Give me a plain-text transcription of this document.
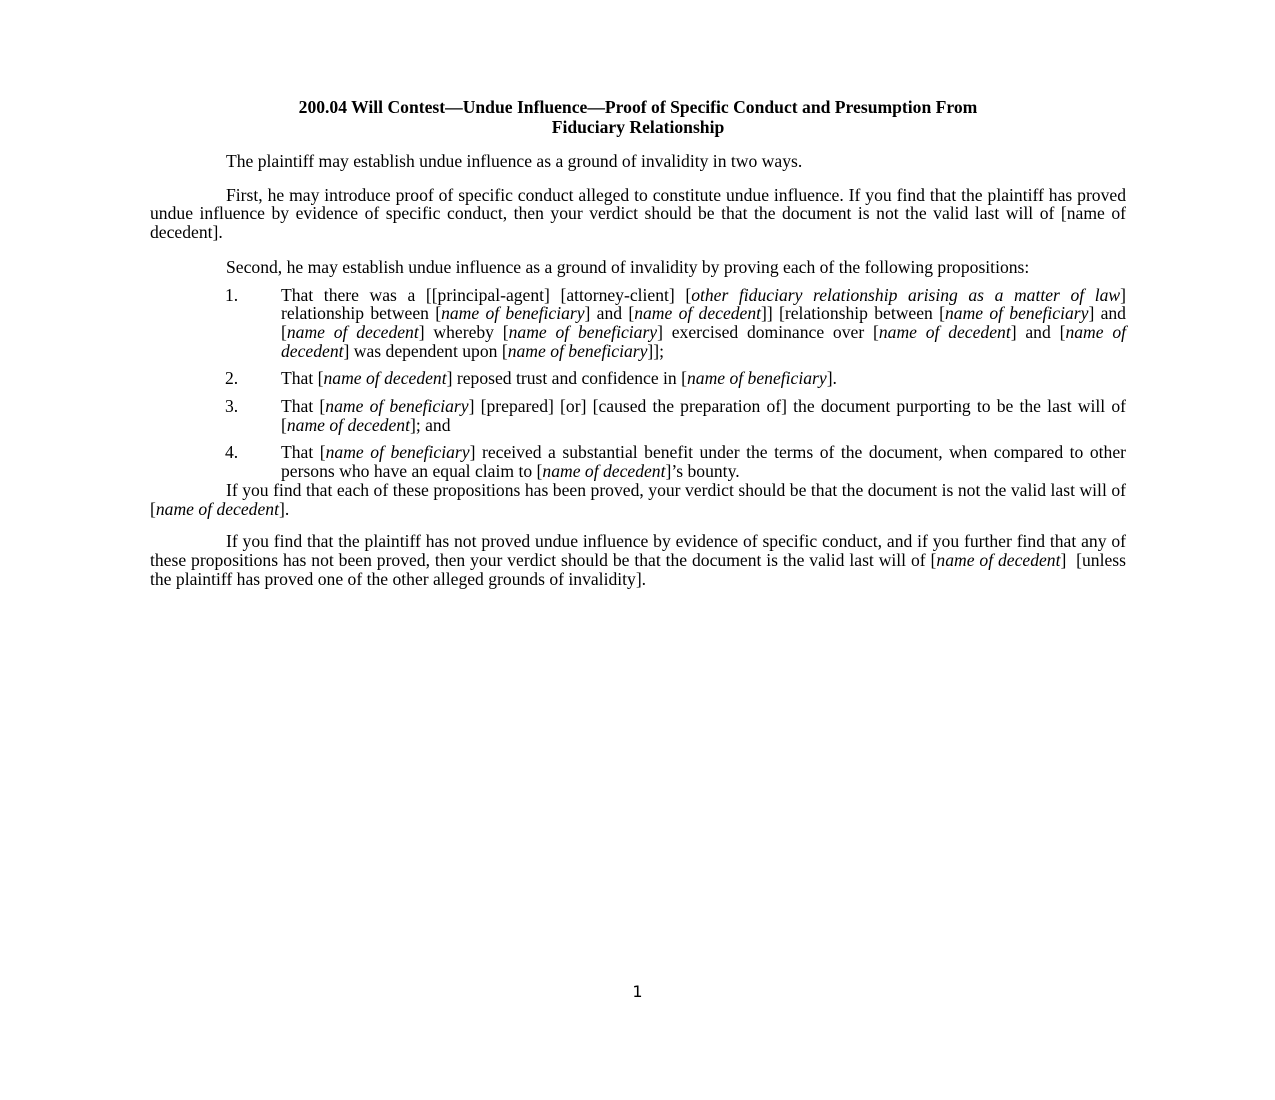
200.04 Will Contest—Undue Influence—Proof of Specific Conduct and Presumption From
Fiduciary Relationship

The plaintiff may establish undue influence as a ground of invalidity in two ways.

First, he may introduce proof of specific conduct alleged to constitute undue influence. If you find that the plaintiff has proved undue influence by evidence of specific conduct, then your verdict should be that the document is not the valid last will of [name of decedent].

Second, he may establish undue influence as a ground of invalidity by proving each of the following propositions:

1. That there was a [[principal-agent] [attorney-client] [other fiduciary relationship arising as a matter of law] relationship between [name of beneficiary] and [name of decedent]] [relationship between [name of beneficiary] and [name of decedent] whereby [name of beneficiary] exercised dominance over [name of decedent] and [name of decedent] was dependent upon [name of beneficiary]];
2. That [name of decedent] reposed trust and confidence in [name of beneficiary].
3. That [name of beneficiary] [prepared] [or] [caused the preparation of] the document purporting to be the last will of [name of decedent]; and
4. That [name of beneficiary] received a substantial benefit under the terms of the document, when compared to other persons who have an equal claim to [name of decedent]’s bounty.

If you find that each of these propositions has been proved, your verdict should be that the document is not the valid last will of [name of decedent].

If you find that the plaintiff has not proved undue influence by evidence of specific conduct, and if you further find that any of these propositions has not been proved, then your verdict should be that the document is the valid last will of [name of decedent]  [unless the plaintiff has proved one of the other alleged grounds of invalidity].

1
